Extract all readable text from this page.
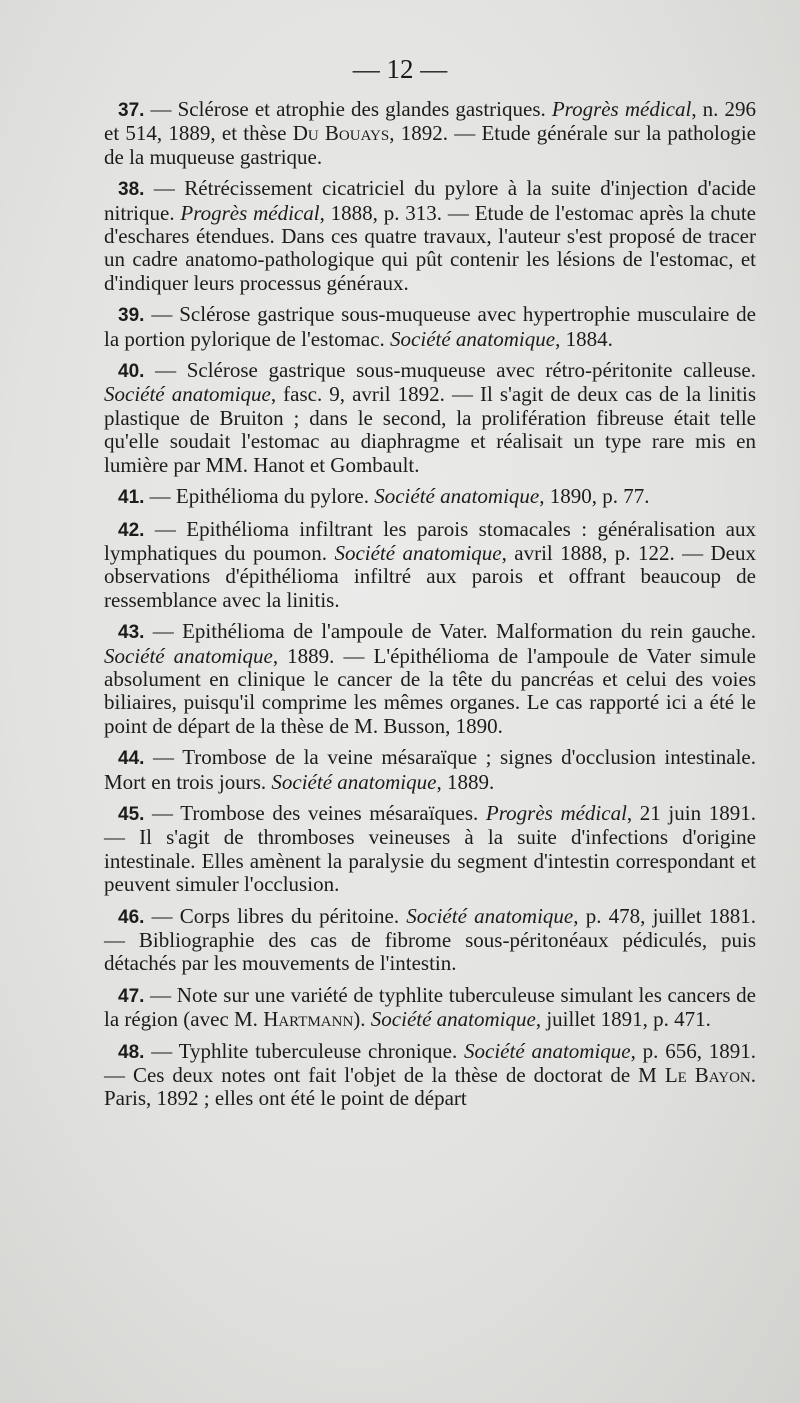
— 12 —

37. — Sclérose et atrophie des glandes gastriques. Progrès médical, n. 296 et 514, 1889, et thèse Du Bouays, 1892. — Etude générale sur la pathologie de la muqueuse gastrique.

38. — Rétrécissement cicatriciel du pylore à la suite d'injection d'acide nitrique. Progrès médical, 1888, p. 313. — Etude de l'estomac après la chute d'eschares étendues. Dans ces quatre travaux, l'auteur s'est proposé de tracer un cadre anatomo-pathologique qui pût contenir les lésions de l'estomac, et d'indiquer leurs processus généraux.

39. — Sclérose gastrique sous-muqueuse avec hypertrophie musculaire de la portion pylorique de l'estomac. Société anatomique, 1884.

40. — Sclérose gastrique sous-muqueuse avec rétro-péritonite calleuse. Société anatomique, fasc. 9, avril 1892. — Il s'agit de deux cas de la linitis plastique de Bruiton ; dans le second, la prolifération fibreuse était telle qu'elle soudait l'estomac au diaphragme et réalisait un type rare mis en lumière par MM. Hanot et Gombault.

41. — Epithélioma du pylore. Société anatomique, 1890, p. 77.

42. — Epithélioma infiltrant les parois stomacales : généralisation aux lymphatiques du poumon. Société anatomique, avril 1888, p. 122. — Deux observations d'épithélioma infiltré aux parois et offrant beaucoup de ressemblance avec la linitis.

43. — Epithélioma de l'ampoule de Vater. Malformation du rein gauche. Société anatomique, 1889. — L'épithélioma de l'ampoule de Vater simule absolument en clinique le cancer de la tête du pancréas et celui des voies biliaires, puisqu'il comprime les mêmes organes. Le cas rapporté ici a été le point de départ de la thèse de M. Busson, 1890.

44. — Trombose de la veine mésaraïque ; signes d'occlusion intestinale. Mort en trois jours. Société anatomique, 1889.

45. — Trombose des veines mésaraïques. Progrès médical, 21 juin 1891. — Il s'agit de thromboses veineuses à la suite d'infections d'origine intestinale. Elles amènent la paralysie du segment d'intestin correspondant et peuvent simuler l'occlusion.

46. — Corps libres du péritoine. Société anatomique, p. 478, juillet 1881. — Bibliographie des cas de fibrome sous-péritonéaux pédiculés, puis détachés par les mouvements de l'intestin.

47. — Note sur une variété de typhlite tuberculeuse simulant les cancers de la région (avec M. Hartmann). Société anatomique, juillet 1891, p. 471.

48. — Typhlite tuberculeuse chronique. Société anatomique, p. 656, 1891. — Ces deux notes ont fait l'objet de la thèse de doctorat de M Le Bayon. Paris, 1892 ; elles ont été le point de départ
